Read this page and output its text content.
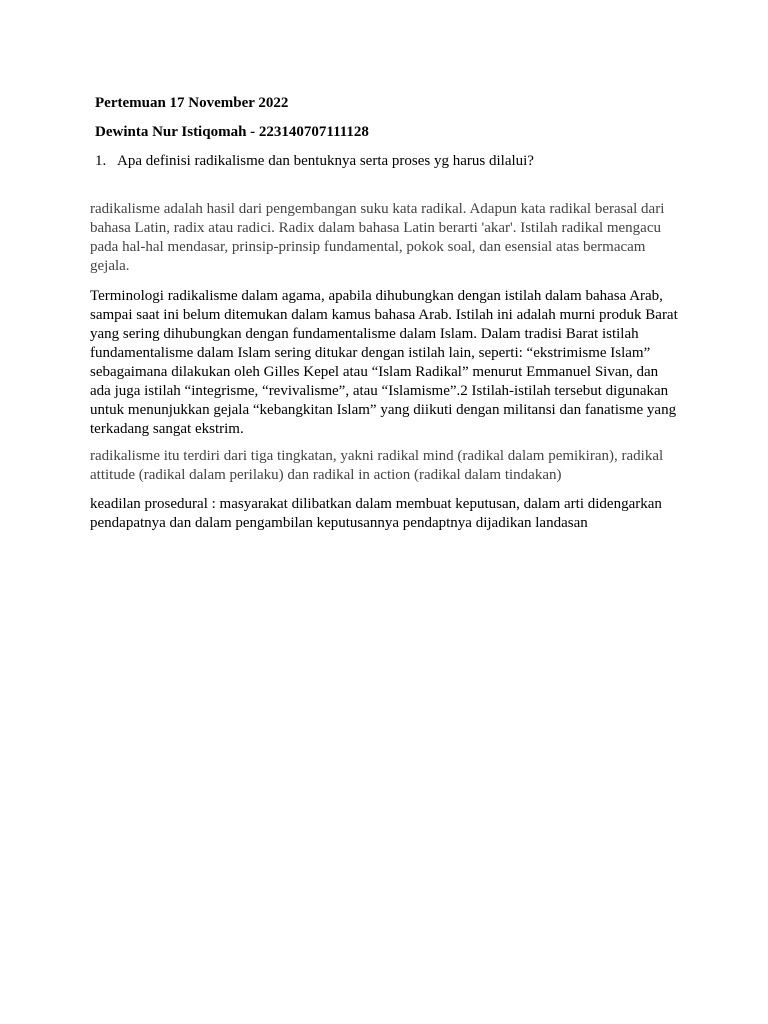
Pertemuan 17 November 2022
Dewinta Nur Istiqomah - 223140707111128
1. Apa definisi radikalisme dan bentuknya serta proses yg harus dilalui?

radikalisme adalah hasil dari pengembangan suku kata radikal. Adapun kata radikal berasal dari bahasa Latin, radix atau radici. Radix dalam bahasa Latin berarti 'akar'. Istilah radikal mengacu pada hal-hal mendasar, prinsip-prinsip fundamental, pokok soal, dan esensial atas bermacam gejala.

Terminologi radikalisme dalam agama, apabila dihubungkan dengan istilah dalam bahasa Arab, sampai saat ini belum ditemukan dalam kamus bahasa Arab. Istilah ini adalah murni produk Barat yang sering dihubungkan dengan fundamentalisme dalam Islam. Dalam tradisi Barat istilah fundamentalisme dalam Islam sering ditukar dengan istilah lain, seperti: “ekstrimisme Islam” sebagaimana dilakukan oleh Gilles Kepel atau “Islam Radikal” menurut Emmanuel Sivan, dan ada juga istilah “integrisme, “revivalisme”, atau “Islamisme”.2 Istilah-istilah tersebut digunakan untuk menunjukkan gejala “kebangkitan Islam” yang diikuti dengan militansi dan fanatisme yang terkadang sangat ekstrim.

radikalisme itu terdiri dari tiga tingkatan, yakni radikal mind (radikal dalam pemikiran), radikal attitude (radikal dalam perilaku) dan radikal in action (radikal dalam tindakan)

keadilan prosedural : masyarakat dilibatkan dalam membuat keputusan, dalam arti didengarkan pendapatnya dan dalam pengambilan keputusannya pendaptnya dijadikan landasan
